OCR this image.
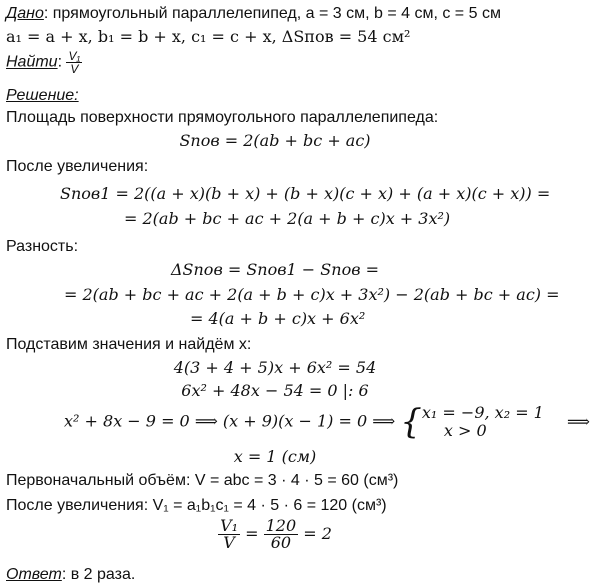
Дано: прямоугольный параллелепипед, a = 3 см, b = 4 см, c = 5 см
a₁ = a + x, b₁ = b + x, c₁ = c + x, ΔSпов = 54 см²
Найти: $\frac{\text{V₁}}{V}$
Решение:
Площадь поверхности прямоугольного параллелепипеда:
Sпов = 2(ab + bc + ac)
После увеличения:
Sпов1 = 2((a + x)(b + x) + (b + x)(c + x) + (a + x)(c + x)) =
= 2(ab + bc + ac + 2(a + b + c)x + 3x²)
Разность:
ΔSпов = Sпов1 − Sпов =
= 2(ab + bc + ac + 2(a + b + c)x + 3x²) − 2(ab + bc + ac) =
= 4(a + b + c)x + 6x²
Подставим значения и найдём x:
4(3 + 4 + 5)x + 6x² = 54
6x² + 48x − 54 = 0 |: 6
x² + 8x − 9 = 0 ⟹ (x + 9)(x − 1) = 0 ⟹ { x₁ = −9, x₂ = 1
x > 0	⟹
x = 1 (см)
Первоначальный объём: V = abc = 3 · 4 · 5 = 60 (см³)
После увеличения: V₁ = a₁b₁c₁ = 4 · 5 · 6 = 120 (см³)
$\frac{\text{V₁}}{V} = \frac{120}{60} = 2$
Ответ: в 2 раза.
